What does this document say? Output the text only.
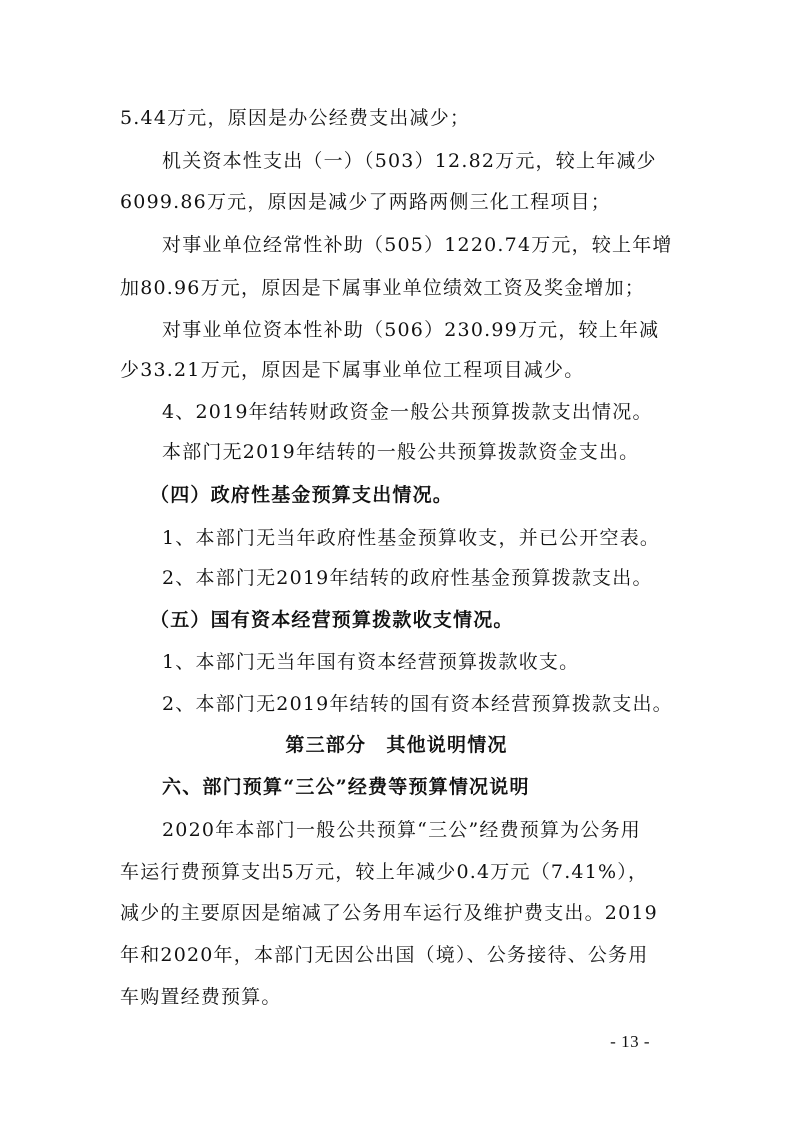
5.44万元，原因是办公经费支出减少；
机关资本性支出（一）（503）12.82万元，较上年减少
6099.86万元，原因是减少了两路两侧三化工程项目；
对事业单位经常性补助（505）1220.74万元，较上年增
加80.96万元，原因是下属事业单位绩效工资及奖金增加；
对事业单位资本性补助（506）230.99万元，较上年减
少33.21万元，原因是下属事业单位工程项目减少。
4、2019年结转财政资金一般公共预算拨款支出情况。
本部门无2019年结转的一般公共预算拨款资金支出。
（四）政府性基金预算支出情况。
1、本部门无当年政府性基金预算收支，并已公开空表。
2、本部门无2019年结转的政府性基金预算拨款支出。
（五）国有资本经营预算拨款收支情况。
1、本部门无当年国有资本经营预算拨款收支。
2、本部门无2019年结转的国有资本经营预算拨款支出。
第三部分　其他说明情况
六、部门预算“三公”经费等预算情况说明
2020年本部门一般公共预算“三公”经费预算为公务用
车运行费预算支出5万元，较上年减少0.4万元（7.41%），
减少的主要原因是缩减了公务用车运行及维护费支出。2019
年和2020年，本部门无因公出国（境）、公务接待、公务用
车购置经费预算。
- 13 -
